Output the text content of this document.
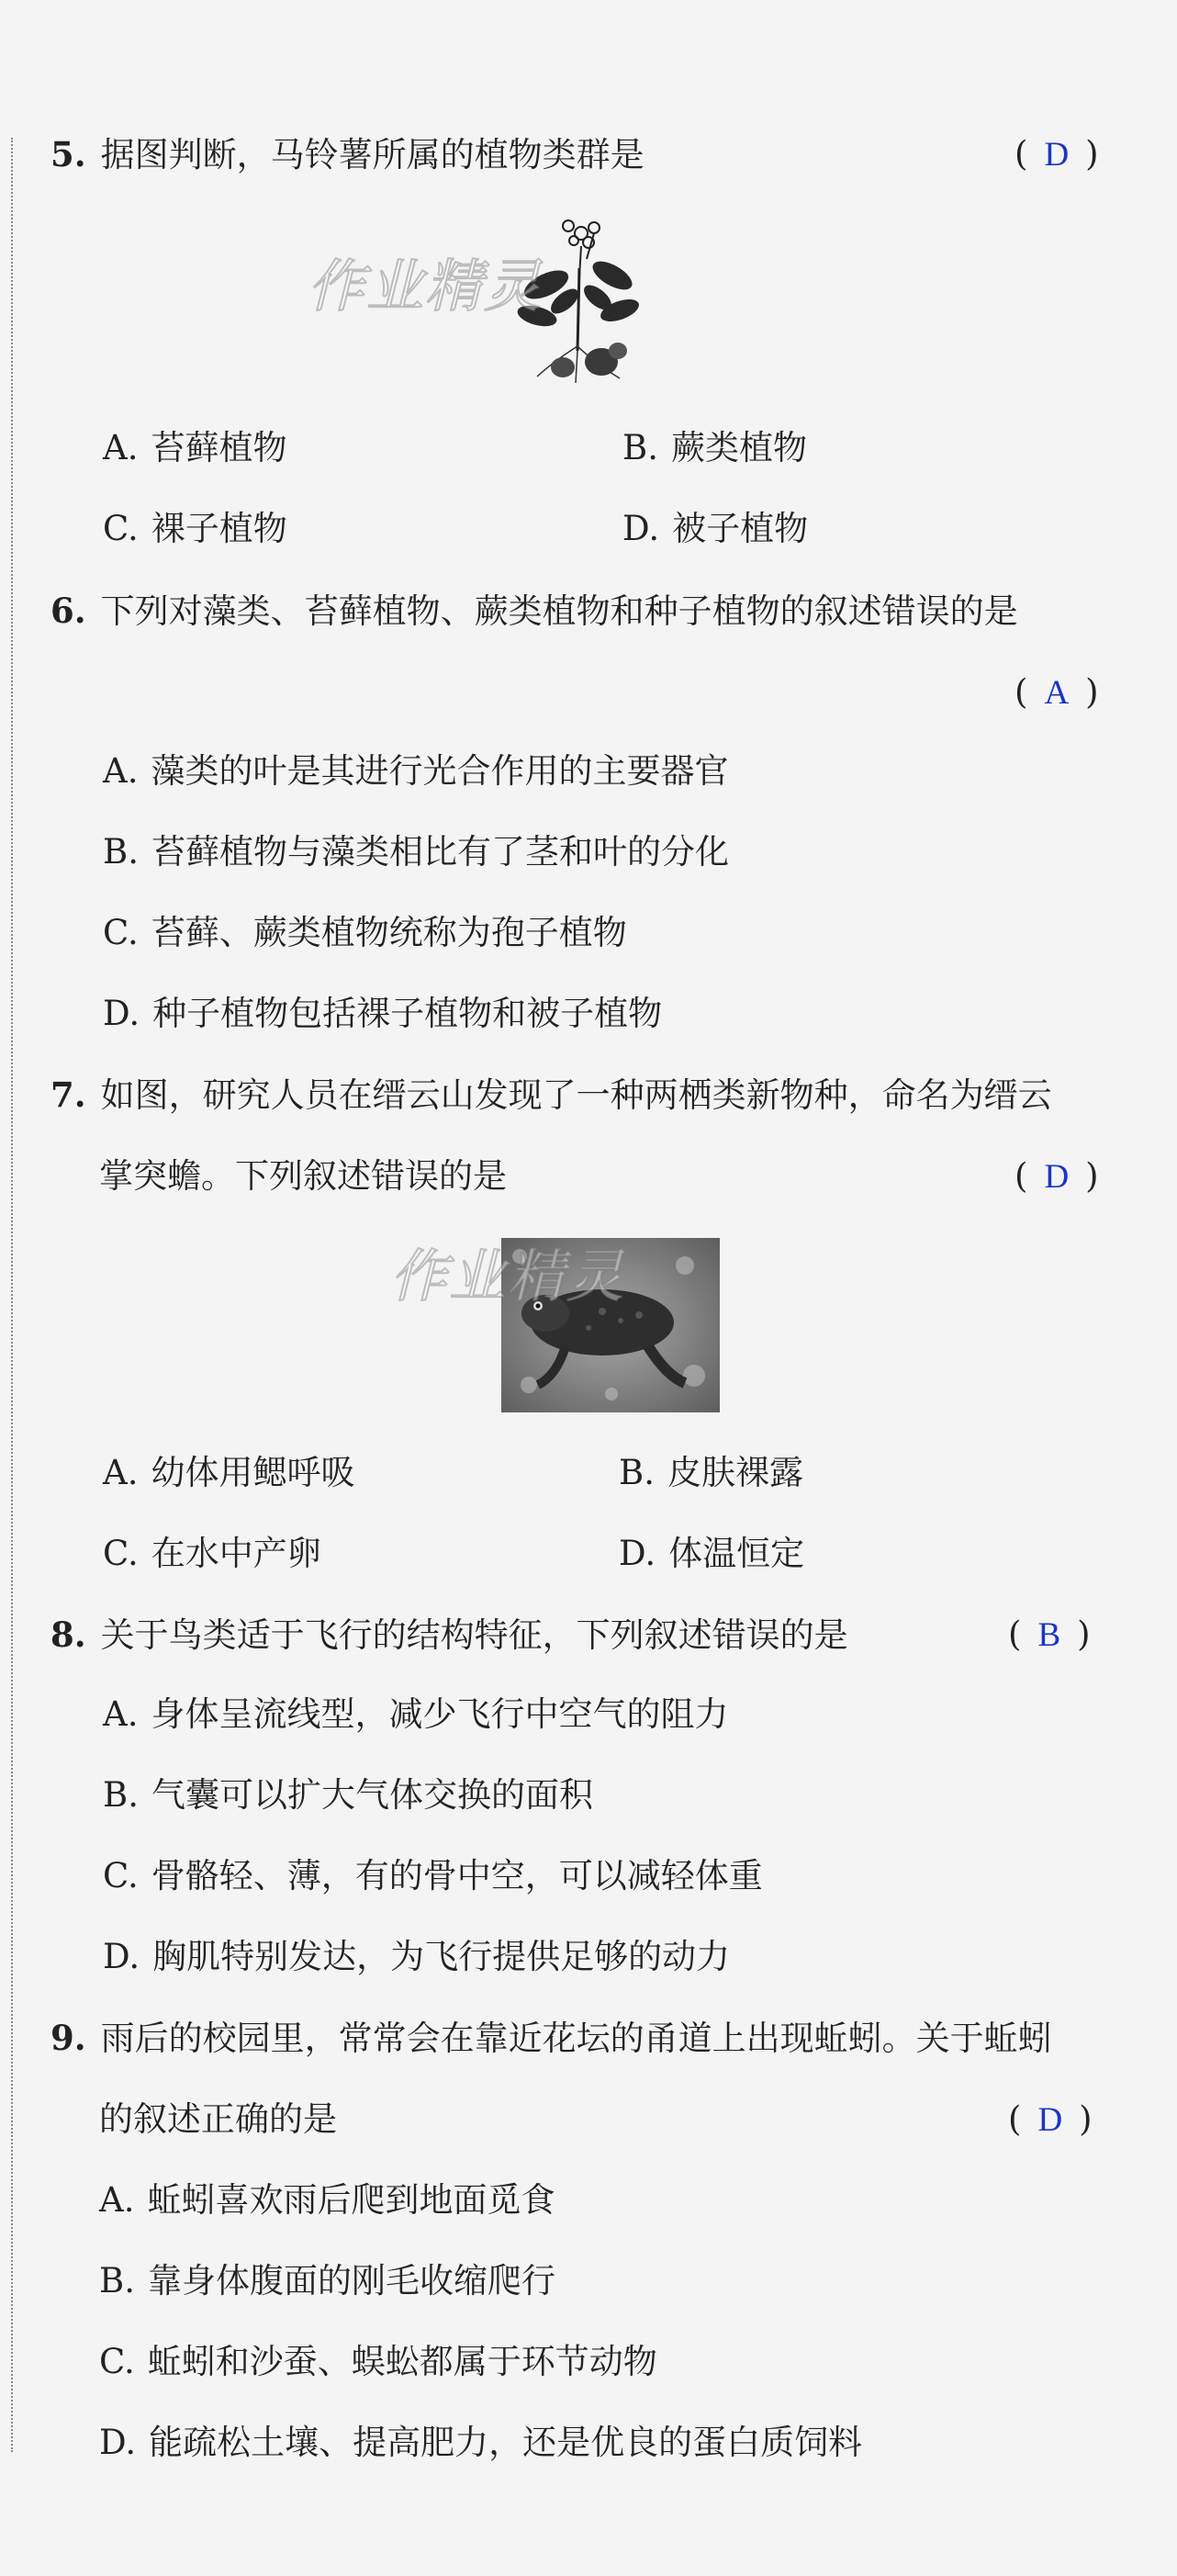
5. 据图判断，马铃薯所属的植物类群是	( D )
作业精灵
A. 苔藓植物	B. 蕨类植物
C. 裸子植物	D. 被子植物
6. 下列对藻类、苔藓植物、蕨类植物和种子植物的叙述错误的是
( A )
A. 藻类的叶是其进行光合作用的主要器官
B. 苔藓植物与藻类相比有了茎和叶的分化
C. 苔藓、蕨类植物统称为孢子植物
D. 种子植物包括裸子植物和被子植物
7. 如图，研究人员在缙云山发现了一种两栖类新物种，命名为缙云
掌突蟾。下列叙述错误的是	( D )
作业精灵
A. 幼体用鳃呼吸	B. 皮肤裸露
C. 在水中产卵	D. 体温恒定
8. 关于鸟类适于飞行的结构特征，下列叙述错误的是	( B )
A. 身体呈流线型，减少飞行中空气的阻力
B. 气囊可以扩大气体交换的面积
C. 骨骼轻、薄，有的骨中空，可以减轻体重
D. 胸肌特别发达，为飞行提供足够的动力
9. 雨后的校园里，常常会在靠近花坛的甬道上出现蚯蚓。关于蚯蚓
的叙述正确的是	( D )
A. 蚯蚓喜欢雨后爬到地面觅食
B. 靠身体腹面的刚毛收缩爬行
C. 蚯蚓和沙蚕、蜈蚣都属于环节动物
D. 能疏松土壤、提高肥力，还是优良的蛋白质饲料
